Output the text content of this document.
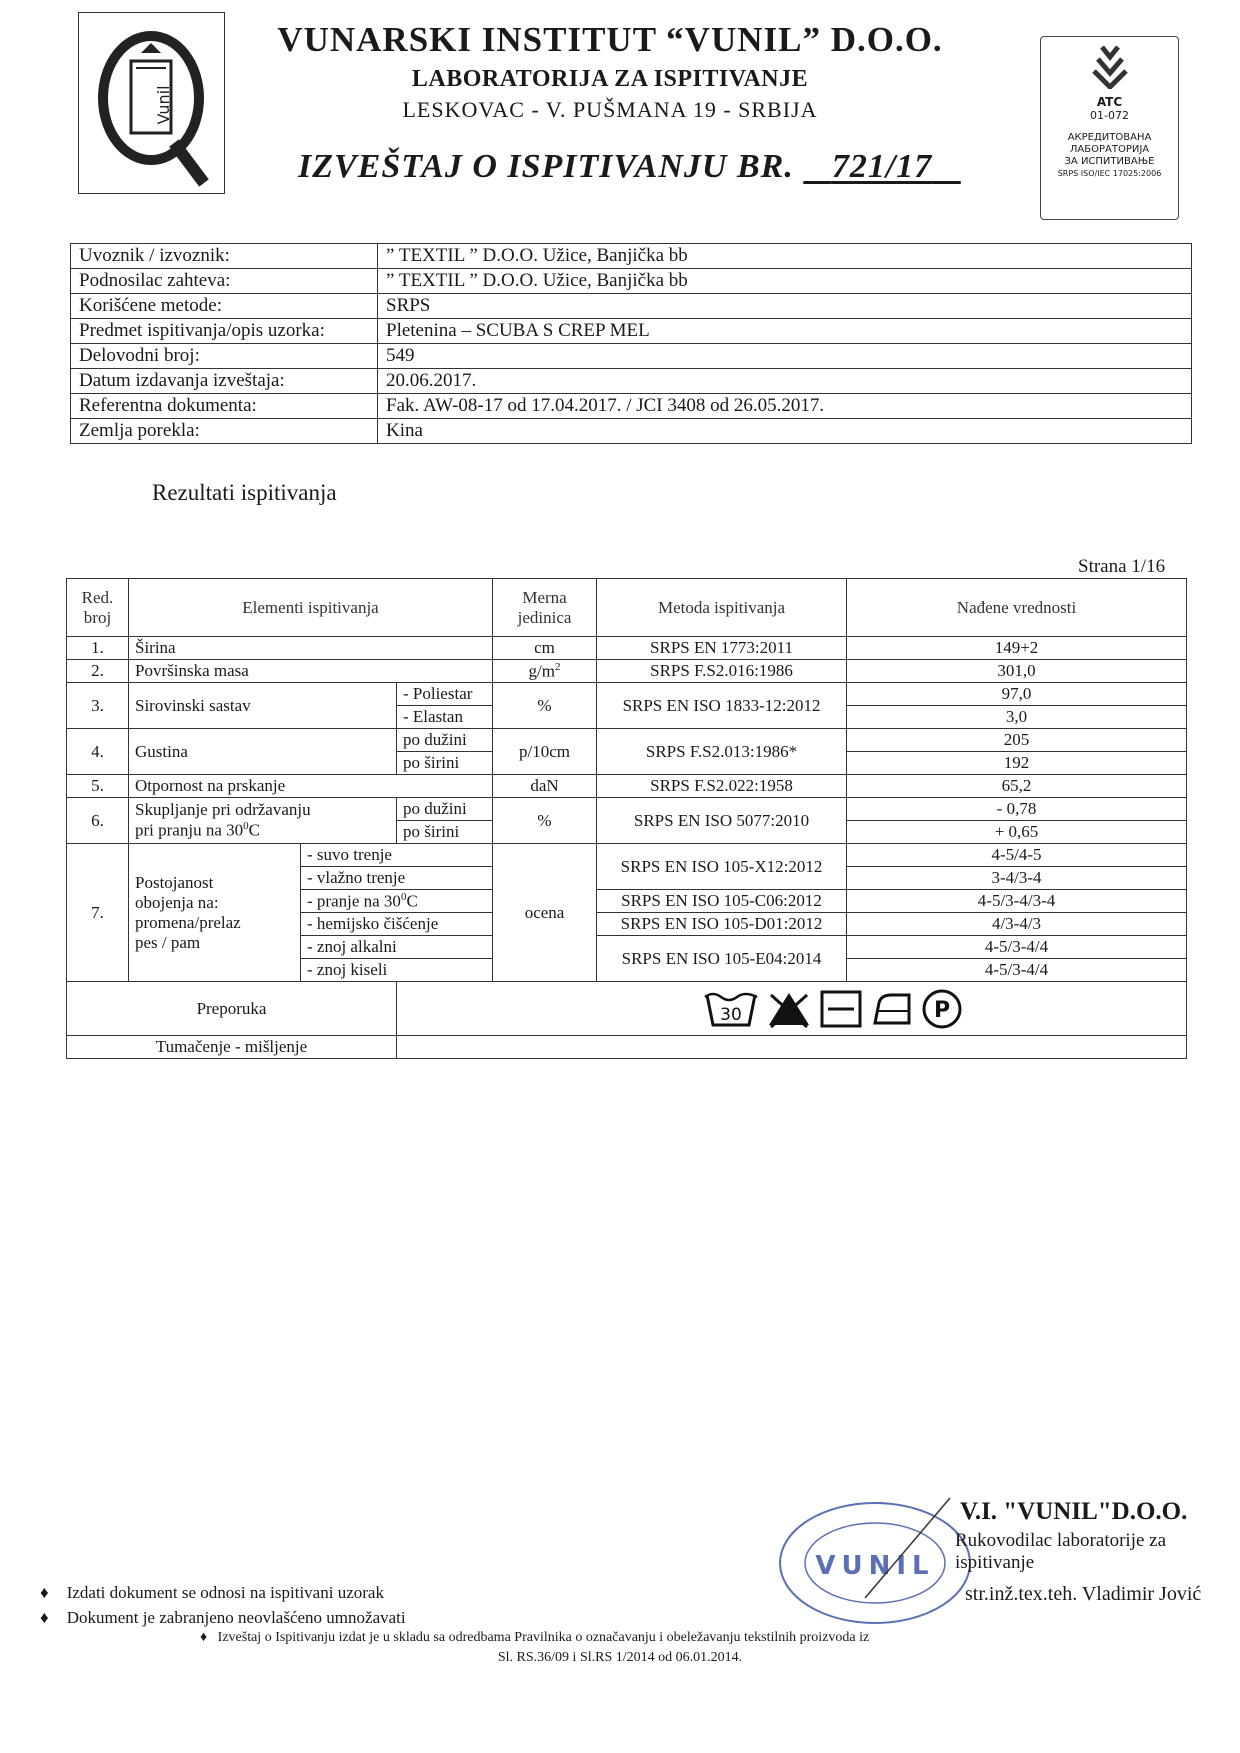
Vunil
VUNARSKI INSTITUT “VUNIL” D.O.O.
LABORATORIJA ZA ISPITIVANJE
LESKOVAC - V. PUŠMANA 19 - SRBIJA
IZVEŠTAJ O ISPITIVANJU BR. 721/17
ATC
01-072
АКРЕДИТОВАНА
ЛАБОРАТОРИЈА
ЗА ИСПИТИВАЊЕ
SRPS ISO/IEC 17025:2006
Uvoznik / izvoznik:	” TEXTIL ” D.O.O. Užice, Banjička bb
Podnosilac zahteva:	” TEXTIL ” D.O.O. Užice, Banjička bb
Korišćene metode:	SRPS
Predmet ispitivanja/opis uzorka:	Pletenina – SCUBA S CREP MEL
Delovodni broj:	549
Datum izdavanja izveštaja:	20.06.2017.
Referentna dokumenta:	Fak. AW-08-17 od 17.04.2017. / JCI 3408 od 26.05.2017.
Zemlja porekla:	Kina
Rezultati ispitivanja
Red. broj	Elementi ispitivanja			Merna jedinica	Metoda ispitivanja	Nađene vrednosti
1.	Širina			cm	SRPS EN 1773:2011	149+2
2.	Površinska masa			$g/m^2$	SRPS F.S2.016:1986	301,0
3.	Sirovinski sastav		- Poliestar	%	SRPS EN ISO 1833-12:2012	97,0
			- Elastan			3,0
4.	Gustina		po dužini	p/10cm	SRPS F.S2.013:1986*	205
			po širini			192
5.	Otpornost na prskanje			daN	SRPS F.S2.022:1958	65,2
6.	Skupljanje pri održavanju
pri pranju na $30^0C$		po dužini	%	SRPS EN ISO 5077:2010	- 0,78
			po širini			+ 0,65
7.	Postojanost
obojenja na:
promena/prelaz
pes / pam	- suvo trenje		ocena	SRPS EN ISO 105-X12:2012	4-5/4-5
		- vlažno trenje				3-4/3-4
		- pranje na $30^0C$			SRPS EN ISO 105-C06:2012	4-5/3-4/3-4
		- hemijsko čišćenje			SRPS EN ISO 105-D01:2012	4/3-4/3
		- znoj alkalni			SRPS EN ISO 105-E04:2014	4-5/3-4/4
		- znoj kiseli				4-5/3-4/4
Preporuka			30 P			

Tumačenje - mišljenje						
Strana 1/16
VUNIL
V.I. "VUNIL"D.O.O.
Rukovodilac laboratorije za ispitivanje
str.inž.tex.teh. Vladimir Jović
♦ Izdati dokument se odnosi na ispitivani uzorak
♦ Dokument je zabranjeno neovlašćeno umnožavati
♦ Izveštaj o Ispitivanju izdat je u skladu sa odredbama Pravilnika o označavanju i obeležavanju tekstilnih proizvoda iz
Sl. RS.36/09 i Sl.RS 1/2014 od 06.01.2014.
